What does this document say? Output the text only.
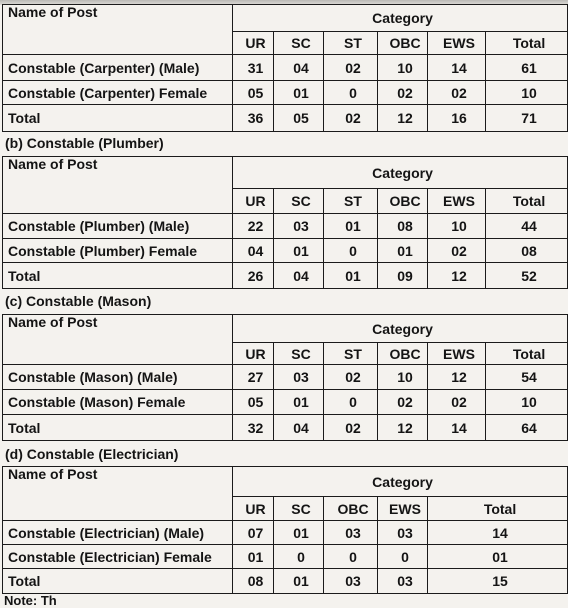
Name of Post	Category					
	UR	SC	ST	OBC	EWS	Total
Constable (Carpenter) (Male)	31	04	02	10	14	61
Constable (Carpenter) Female	05	01	0	02	02	10
Total	36	05	02	12	16	71
(b) Constable (Plumber)
Name of Post	Category					
	UR	SC	ST	OBC	EWS	Total
Constable (Plumber) (Male)	22	03	01	08	10	44
Constable (Plumber) Female	04	01	0	01	02	08
Total	26	04	01	09	12	52
(c) Constable (Mason)
Name of Post	Category					
	UR	SC	ST	OBC	EWS	Total
Constable (Mason) (Male)	27	03	02	10	12	54
Constable (Mason) Female	05	01	0	02	02	10
Total	32	04	02	12	14	64
(d) Constable (Electrician)
Name of Post	Category				
	UR	SC	OBC	EWS	Total
Constable (Electrician) (Male)	07	01	03	03	14
Constable (Electrician) Female	01	0	0	0	01
Total	08	01	03	03	15
Note: Th
